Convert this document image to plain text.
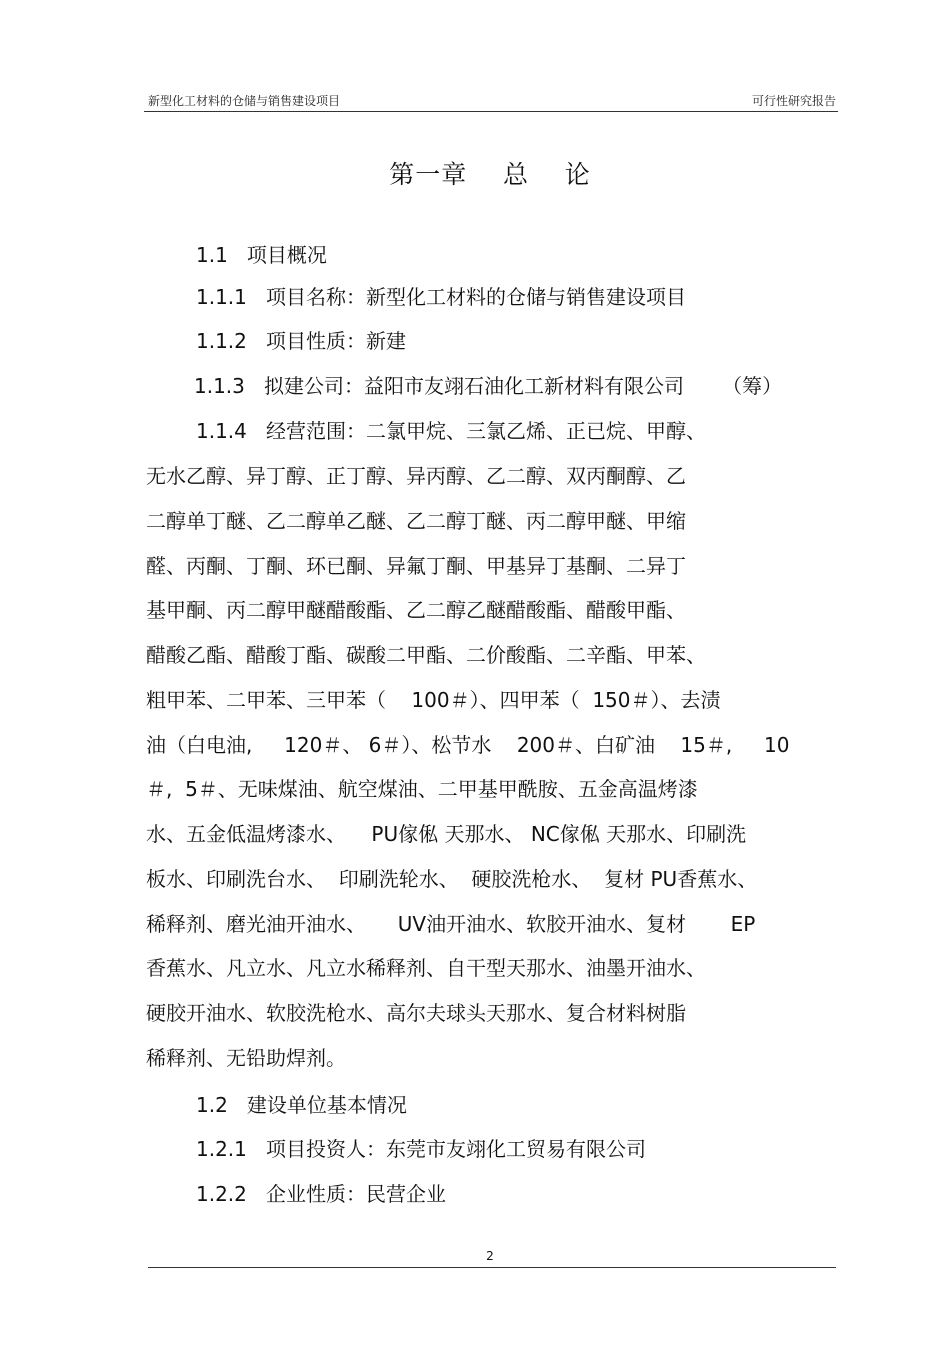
新型化工材料的仓储与销售建设项目	可行性研究报告
第一章    总    论
1.1   项目概况
1.1.1   项目名称：新型化工材料的仓储与销售建设项目
1.1.2   项目性质：新建
1.1.3   拟建公司：益阳市友翊石油化工新材料有限公司      （筹）
1.1.4   经营范围：二氯甲烷、三氯乙烯、正已烷、甲醇、
无水乙醇、异丁醇、正丁醇、异丙醇、乙二醇、双丙酮醇、乙
二醇单丁醚、乙二醇单乙醚、乙二醇丁醚、丙二醇甲醚、甲缩
醛、丙酮、丁酮、环已酮、异氟丁酮、甲基异丁基酮、二异丁
基甲酮、丙二醇甲醚醋酸酯、乙二醇乙醚醋酸酯、醋酸甲酯、
醋酸乙酯、醋酸丁酯、碳酸二甲酯、二价酸酯、二辛酯、甲苯、
粗甲苯、二甲苯、三甲苯（    100＃）、四甲苯（  150＃）、去渍
油（白电油,     120＃、 6＃）、松节水    200＃、白矿油    15＃,     10
＃,  5＃、无味煤油、航空煤油、二甲基甲酰胺、五金高温烤漆
水、五金低温烤漆水、    PU傢俬 天那水、 NC傢俬 天那水、印刷洗
板水、印刷洗台水、  印刷洗轮水、  硬胶洗枪水、  复材 PU香蕉水、
稀释剂、磨光油开油水、     UV油开油水、软胶开油水、复材       EP
香蕉水、凡立水、凡立水稀释剂、自干型天那水、油墨开油水、
硬胶开油水、软胶洗枪水、高尔夫球头天那水、复合材料树脂
稀释剂、无铅助焊剂。
1.2   建设单位基本情况
1.2.1   项目投资人：东莞市友翊化工贸易有限公司
1.2.2   企业性质：民营企业
2
